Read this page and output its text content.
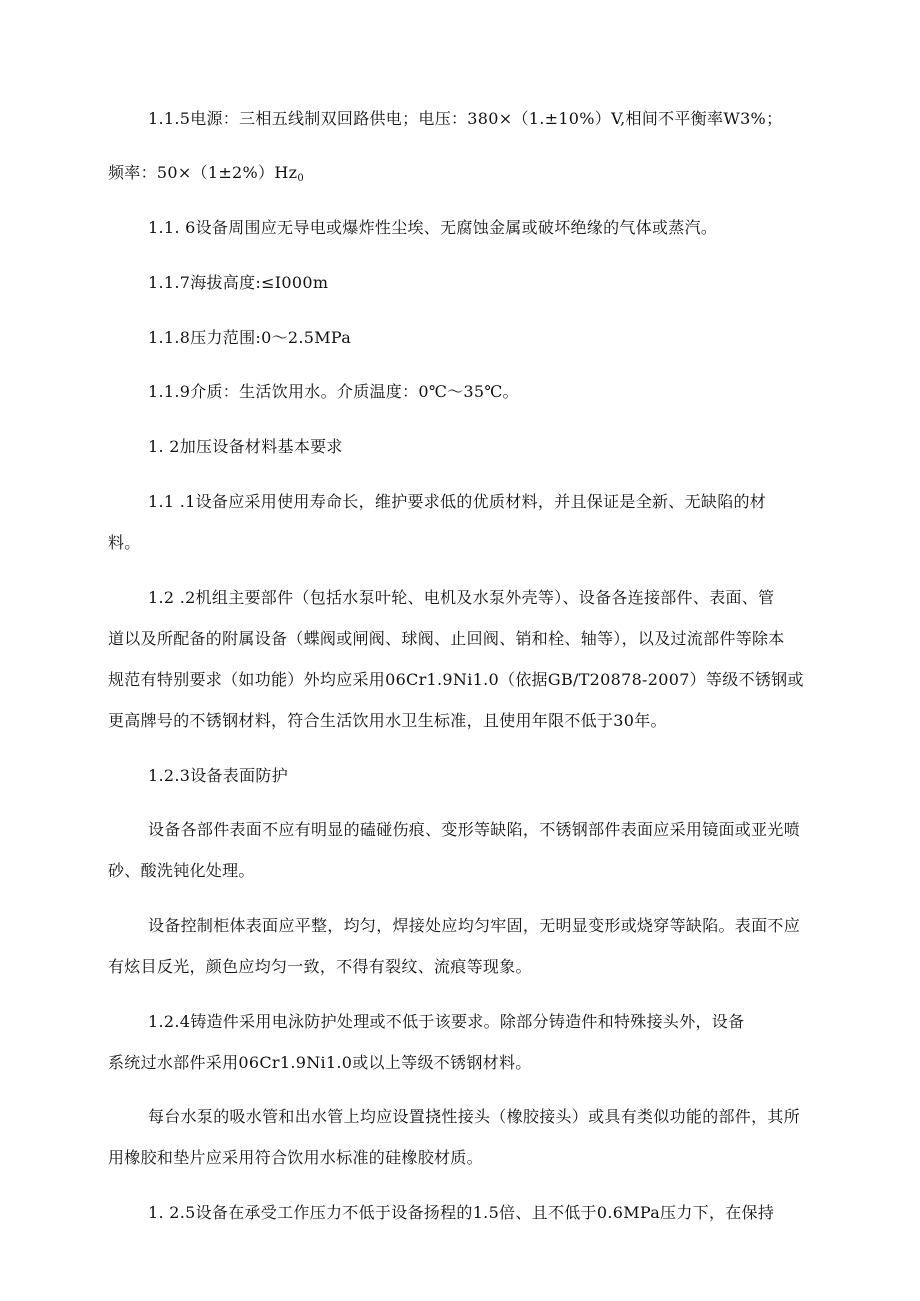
1.1.5电源：三相五线制双回路供电；电压：380×（1.±10%）V,相间不平衡率W3%；
频率：$50\times(1\pm 2\%)Hz_0$
1.1. 6设备周围应无导电或爆炸性尘埃、无腐蚀金属或破坏绝缘的气体或蒸汽。
1.1.7海拔高度:≤I000m
1.1.8压力范围:0～2.5MPa
1.1.9介质：生活饮用水。介质温度：0℃～35℃。
1. 2加压设备材料基本要求
1.1 .1设备应采用使用寿命长，维护要求低的优质材料，并且保证是全新、无缺陷的材
料。
1.2 .2机组主要部件（包括水泵叶轮、电机及水泵外壳等）、设备各连接部件、表面、管
道以及所配备的附属设备（蝶阀或闸阀、球阀、止回阀、销和栓、轴等），以及过流部件等除本
规范有特别要求（如功能）外均应采用06Cr1.9Ni1.0（依据GB/T20878-2007）等级不锈钢或
更高牌号的不锈钢材料，符合生活饮用水卫生标准，且使用年限不低于30年。
1.2.3设备表面防护
设备各部件表面不应有明显的磕碰伤痕、变形等缺陷，不锈钢部件表面应采用镜面或亚光喷
砂、酸洗钝化处理。
设备控制柜体表面应平整，均匀，焊接处应均匀牢固，无明显变形或烧穿等缺陷。表面不应
有炫目反光，颜色应均匀一致，不得有裂纹、流痕等现象。
1.2.4铸造件采用电泳防护处理或不低于该要求。除部分铸造件和特殊接头外，设备
系统过水部件采用06Cr1.9Ni1.0或以上等级不锈钢材料。
每台水泵的吸水管和出水管上均应设置挠性接头（橡胶接头）或具有类似功能的部件，其所
用橡胶和垫片应采用符合饮用水标准的硅橡胶材质。
1. 2.5设备在承受工作压力不低于设备扬程的1.5倍、且不低于0.6MPa压力下，在保持
